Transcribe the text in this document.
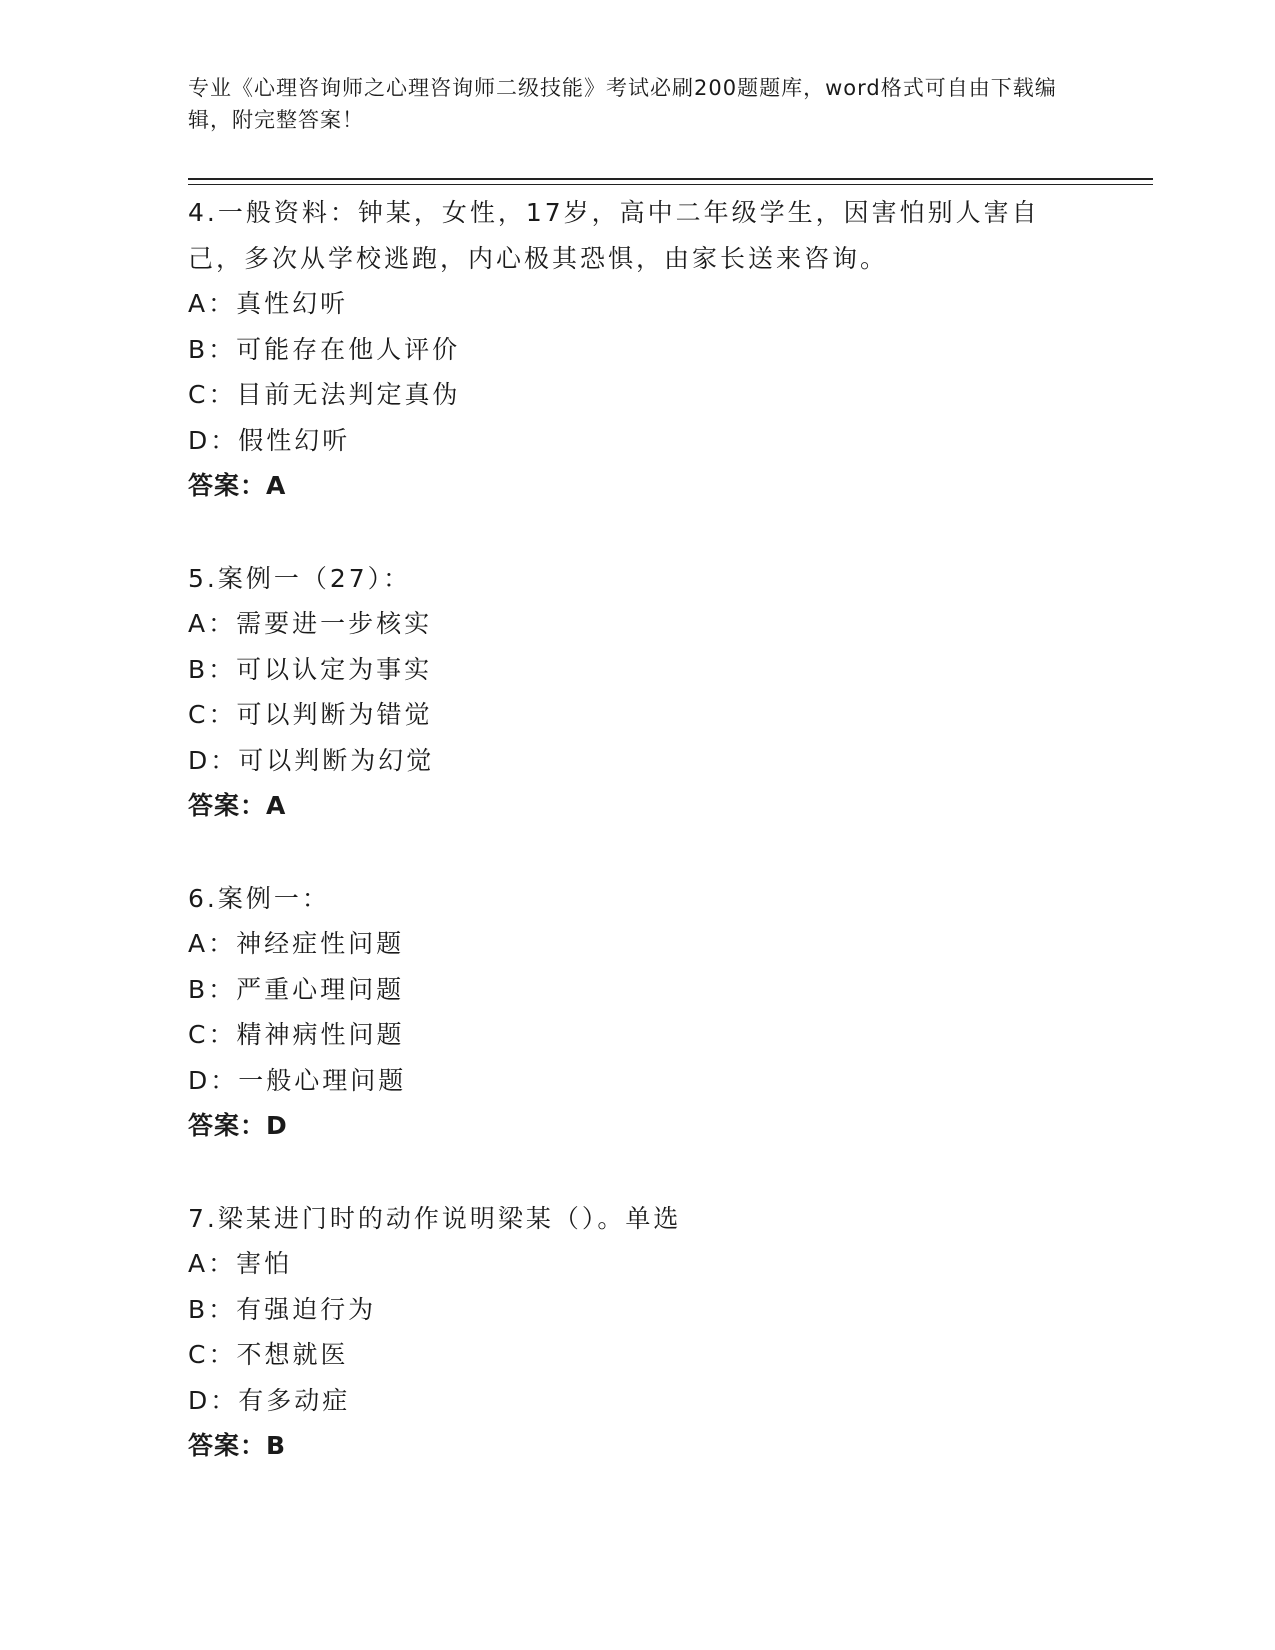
专业《心理咨询师之心理咨询师二级技能》考试必刷200题题库，word格式可自由下载编辑，附完整答案！
4.一般资料：钟某，女性，17岁，高中二年级学生，因害怕别人害自己，多次从学校逃跑，内心极其恐惧，由家长送来咨询。
A：真性幻听
B：可能存在他人评价
C：目前无法判定真伪
D：假性幻听
答案：A
5.案例一（27）：
A：需要进一步核实
B：可以认定为事实
C：可以判断为错觉
D：可以判断为幻觉
答案：A
6.案例一：
A：神经症性问题
B：严重心理问题
C：精神病性问题
D：一般心理问题
答案：D
7.梁某进门时的动作说明梁某（）。单选
A：害怕
B：有强迫行为
C：不想就医
D：有多动症
答案：B
